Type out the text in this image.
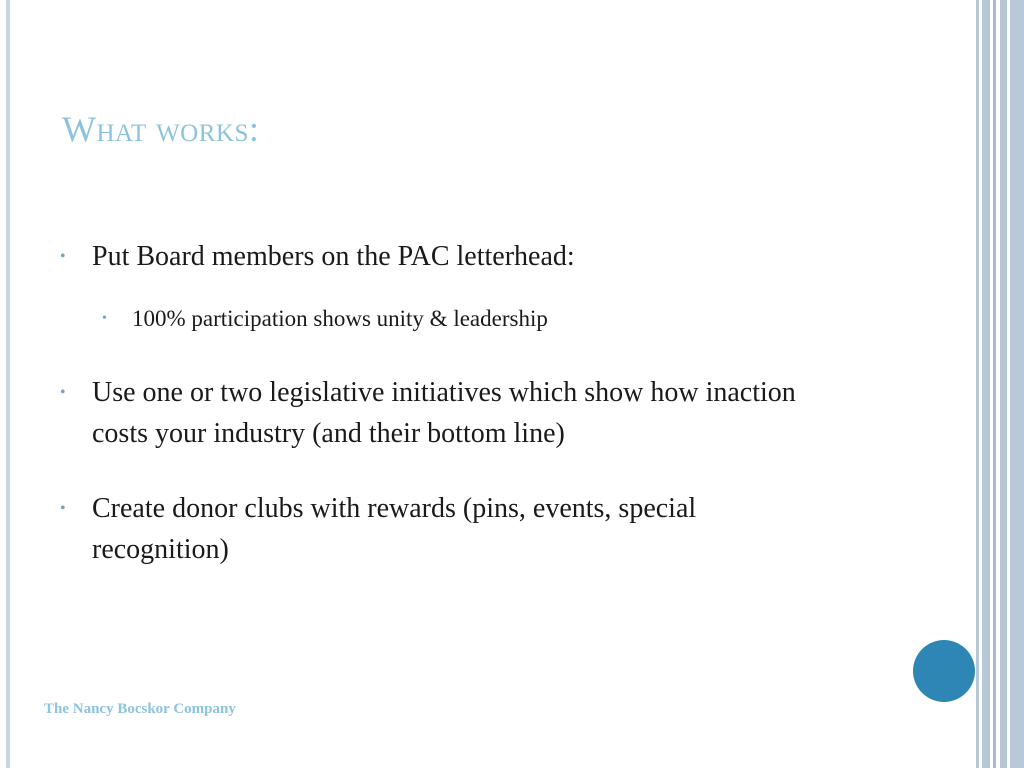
What works:
• Put Board members on the PAC letterhead:
• 100% participation shows unity & leadership
• Use one or two legislative initiatives which show how inaction costs your industry (and their bottom line)
• Create donor clubs with rewards (pins, events, special recognition)
The Nancy Bocskor Company
